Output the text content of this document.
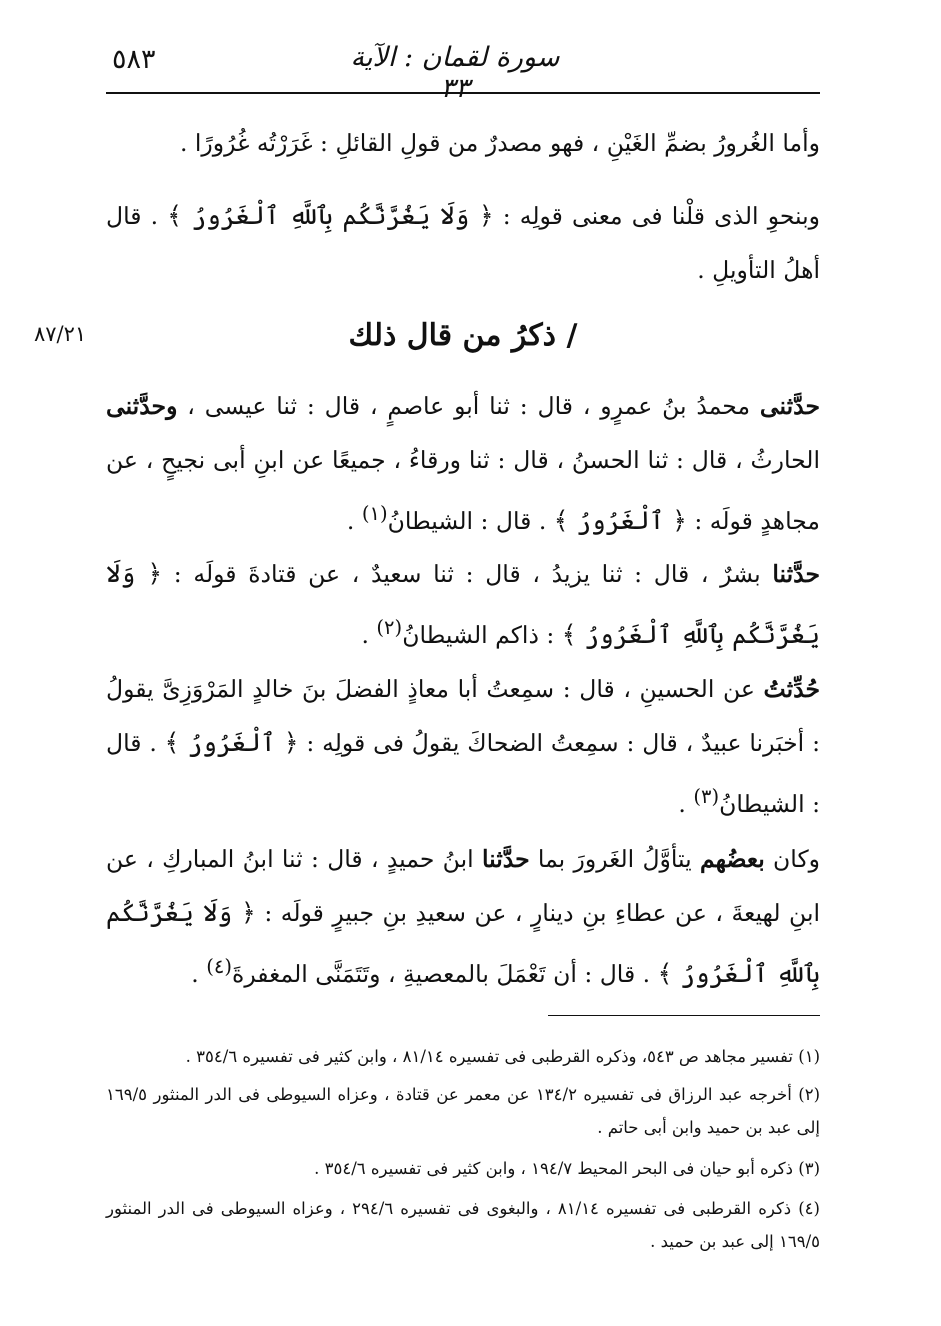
٥٨٣	سورة لقمان : الآية ٣٣

وأما الغُرورُ بضمِّ الغَيْنِ ، فهو مصدرٌ من قولِ القائلِ : غَرَرْتُه غُرُورًا .

وبنحوِ الذى قلْنا فى معنى قولِه : ﴿ وَلَا يَغُرَّنَّكُم بِٱللَّهِ ٱلْغَرُورُ ﴾ . قال أهلُ التأويلِ .

٨٧/٢١	/ ذكرُ من قال ذلك

حدَّثنى محمدُ بنُ عمرٍو ، قال : ثنا أبو عاصمٍ ، قال : ثنا عيسى ، وحدَّثنى الحارثُ ، قال : ثنا الحسنُ ، قال : ثنا ورقاءُ ، جميعًا عن ابنِ أبى نجيحٍ ، عن مجاهدٍ قولَه : ﴿ ٱلْغَرُورُ ﴾ . قال : الشيطانُ$^{(١)}$ .

حدَّثنا بشرٌ ، قال : ثنا يزيدُ ، قال : ثنا سعيدٌ ، عن قتادةَ قولَه : ﴿ وَلَا يَغُرَّنَّكُم بِٱللَّهِ ٱلْغَرُورُ ﴾ : ذاكم الشيطانُ$^{(٢)}$ .

حُدِّثتُ عن الحسينِ ، قال : سمِعتُ أبا معاذٍ الفضلَ بنَ خالدٍ المَرْوَزِىَّ يقولُ : أخبَرنا عبيدٌ ، قال : سمِعتُ الضحاكَ يقولُ فى قولِه : ﴿ ٱلْغَرُورُ ﴾ . قال : الشيطانُ$^{(٣)}$ .

وكان بعضُهم يتأوَّلُ الغَرورَ بما حدَّثنا ابنُ حميدٍ ، قال : ثنا ابنُ المباركِ ، عن ابنِ لهيعةَ ، عن عطاءِ بنِ دينارٍ ، عن سعيدِ بنِ جبيرٍ قولَه : ﴿ وَلَا يَغُرَّنَّكُم بِٱللَّهِ ٱلْغَرُورُ ﴾ . قال : أن تَعْمَلَ بالمعصيةِ ، وتَتَمَنَّى المغفرةَ$^{(٤)}$ .

(١) تفسير مجاهد ص ٥٤٣، وذكره القرطبى فى تفسيره ٨١/١٤ ، وابن كثير فى تفسيره ٣٥٤/٦ .

(٢) أخرجه عبد الرزاق فى تفسيره ١٣٤/٢ عن معمر عن قتادة ، وعزاه السيوطى فى الدر المنثور ١٦٩/٥ إلى عبد بن حميد وابن أبى حاتم .

(٣) ذكره أبو حيان فى البحر المحيط ١٩٤/٧ ، وابن كثير فى تفسيره ٣٥٤/٦ .

(٤) ذكره القرطبى فى تفسيره ٨١/١٤ ، والبغوى فى تفسيره ٢٩٤/٦ ، وعزاه السيوطى فى الدر المنثور ١٦٩/٥ إلى عبد بن حميد .
